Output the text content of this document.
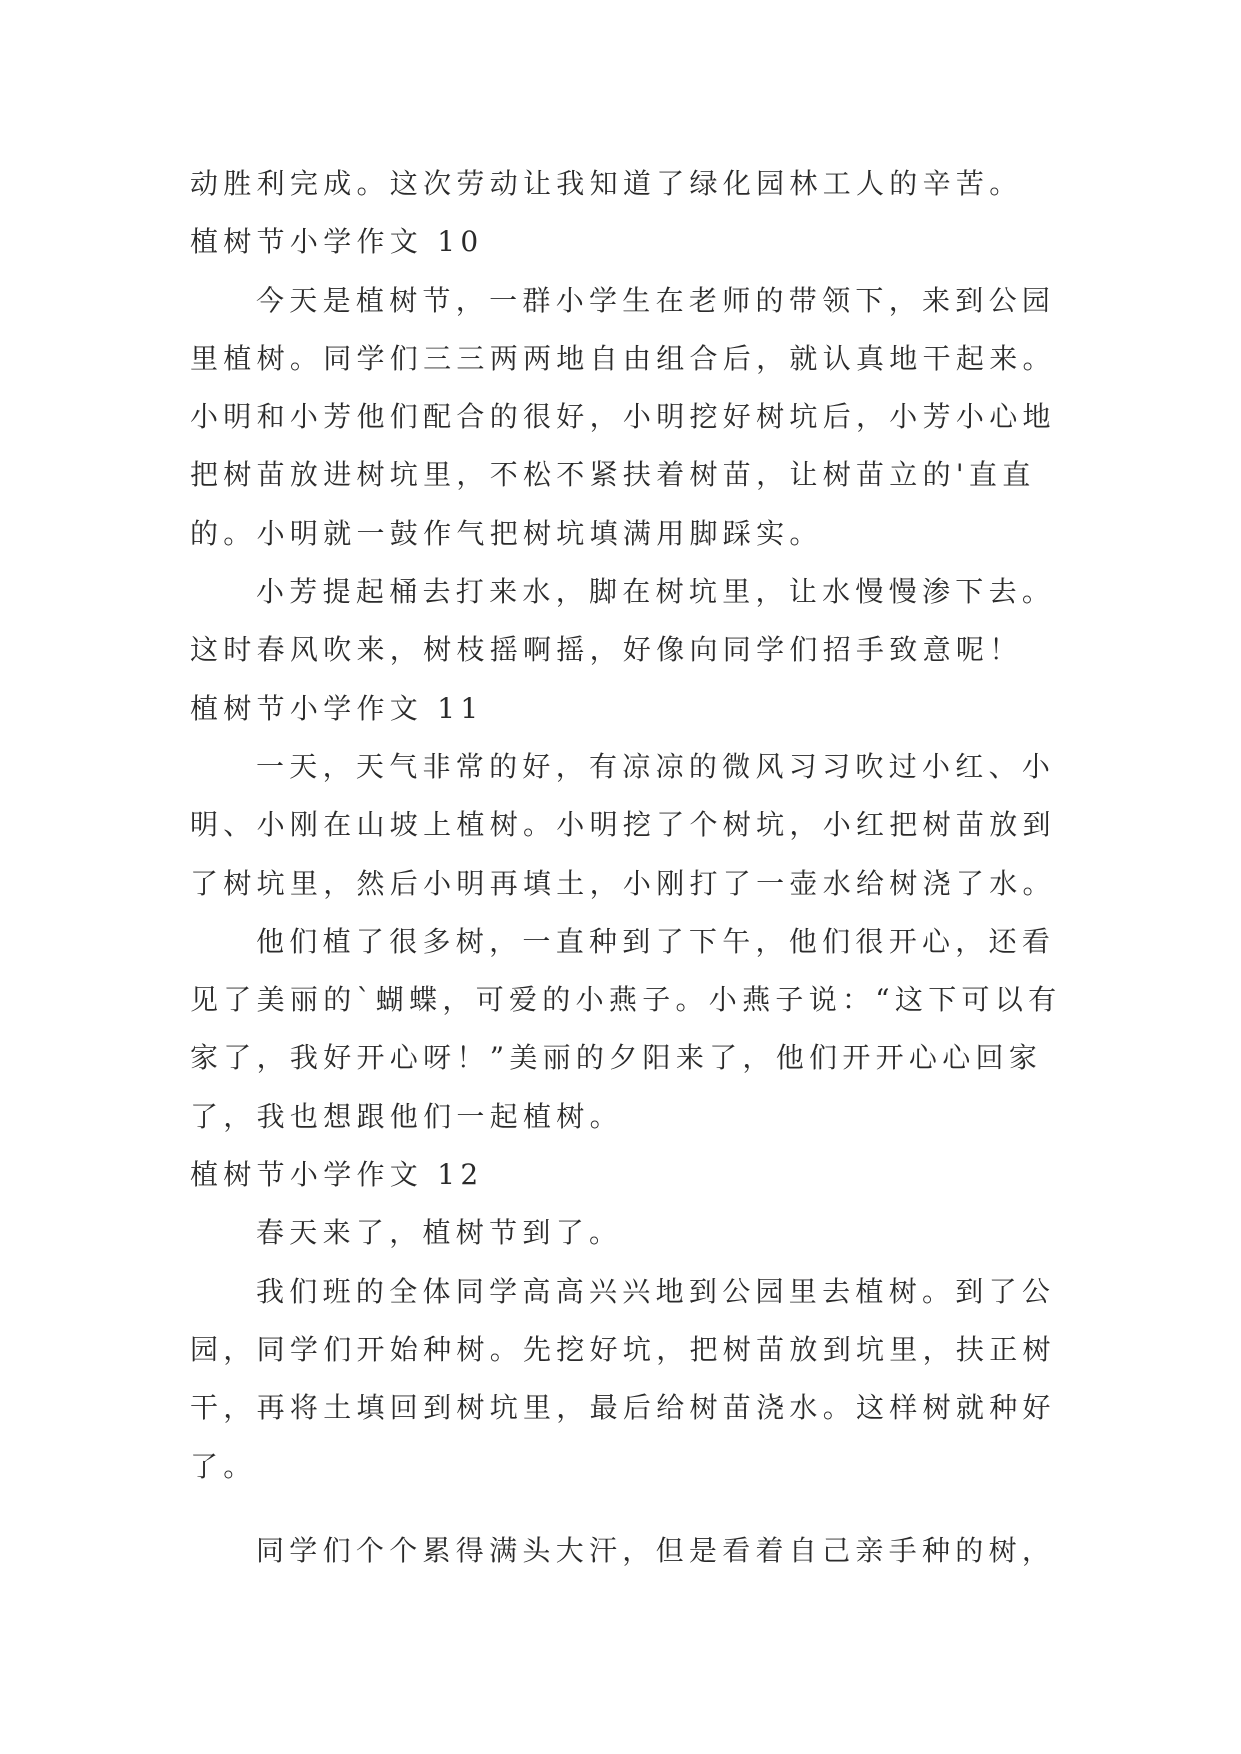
动胜利完成。这次劳动让我知道了绿化园林工人的辛苦。
植树节小学作文 10
今天是植树节，一群小学生在老师的带领下，来到公园
里植树。同学们三三两两地自由组合后，就认真地干起来。
小明和小芳他们配合的很好，小明挖好树坑后，小芳小心地
把树苗放进树坑里，不松不紧扶着树苗，让树苗立的'直直
的。小明就一鼓作气把树坑填满用脚踩实。
小芳提起桶去打来水，脚在树坑里，让水慢慢渗下去。
这时春风吹来，树枝摇啊摇，好像向同学们招手致意呢！
植树节小学作文 11
一天，天气非常的好，有凉凉的微风习习吹过小红、小
明、小刚在山坡上植树。小明挖了个树坑，小红把树苗放到
了树坑里，然后小明再填土，小刚打了一壶水给树浇了水。
他们植了很多树，一直种到了下午，他们很开心，还看
见了美丽的`蝴蝶，可爱的小燕子。小燕子说：“这下可以有
家了，我好开心呀！”美丽的夕阳来了，他们开开心心回家
了，我也想跟他们一起植树。
植树节小学作文 12
春天来了，植树节到了。
我们班的全体同学高高兴兴地到公园里去植树。到了公
园，同学们开始种树。先挖好坑，把树苗放到坑里，扶正树
干，再将土填回到树坑里，最后给树苗浇水。这样树就种好
了。
同学们个个累得满头大汗，但是看着自己亲手种的树，
